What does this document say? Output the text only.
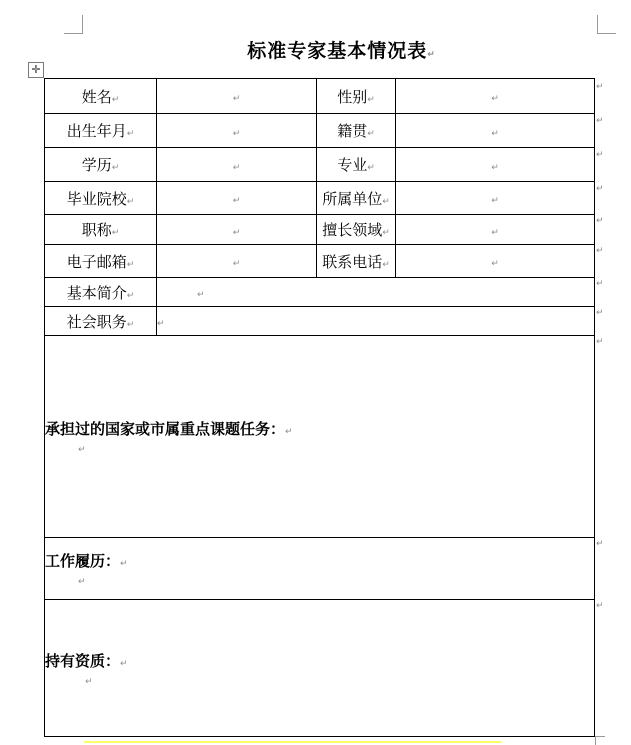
标准专家基本情况表↵
✛
姓名↵	↵	性别↵	↵
出生年月↵	↵	籍贯↵	↵
学历↵	↵	专业↵	↵
毕业院校↵	↵	所属单位↵	↵
职称↵	↵	擅长领域↵	↵
电子邮箱↵	↵	联系电话↵	↵
基本简介↵	↵		
社会职务↵	↵		
承担过的国家或市属重点课题任务：↵
↵			

工作履历：↵
↵			

持有资质：↵
↵			
↵
↵
↵
↵
↵
↵
↵
↵
↵
↵
↵
